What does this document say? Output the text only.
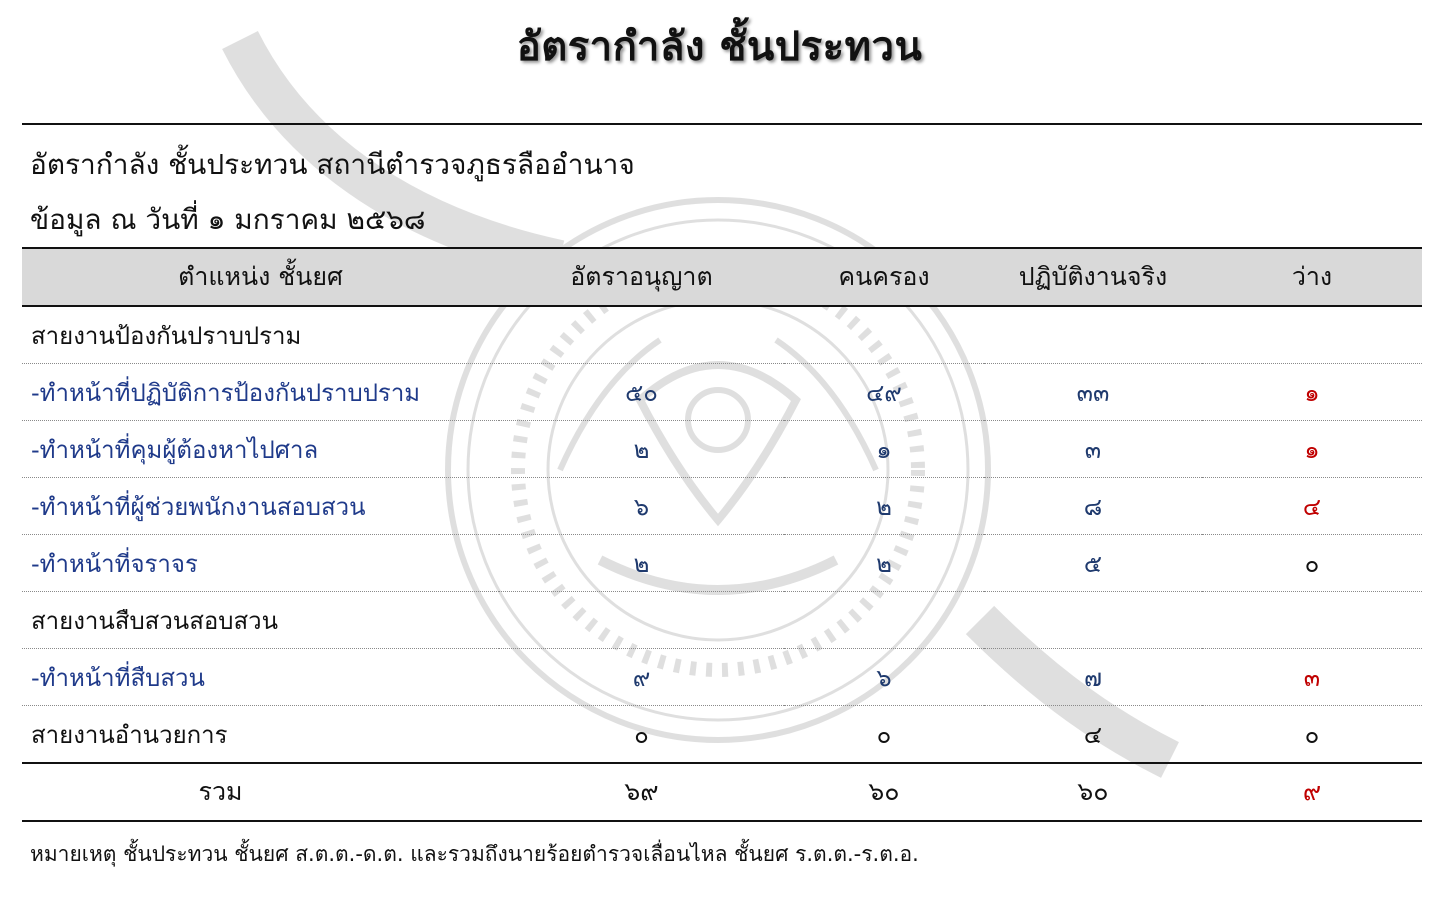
อัตรากำลัง ชั้นประทวน
อัตรากำลัง ชั้นประทวน สถานีตำรวจภูธรลืออำนาจ
ข้อมูล ณ วันที่ ๑ มกราคม ๒๕๖๘
ตำแหน่ง ชั้นยศ	อัตราอนุญาต	คนครอง	ปฏิบัติงานจริง	ว่าง
สายงานป้องกันปราบปราม				
-ทำหน้าที่ปฏิบัติการป้องกันปราบปราม	๕๐	๔๙	๓๓	๑
-ทำหน้าที่คุมผู้ต้องหาไปศาล	๒	๑	๓	๑
-ทำหน้าที่ผู้ช่วยพนักงานสอบสวน	๖	๒	๘	๔
-ทำหน้าที่จราจร	๒	๒	๕	๐
สายงานสืบสวนสอบสวน				
-ทำหน้าที่สืบสวน	๙	๖	๗	๓
สายงานอำนวยการ	๐	๐	๔	๐
รวม	๖๙	๖๐	๖๐	๙
หมายเหตุ ชั้นประทวน ชั้นยศ ส.ต.ต.-ด.ต. และรวมถึงนายร้อยตำรวจเลื่อนไหล ชั้นยศ ร.ต.ต.-ร.ต.อ.
